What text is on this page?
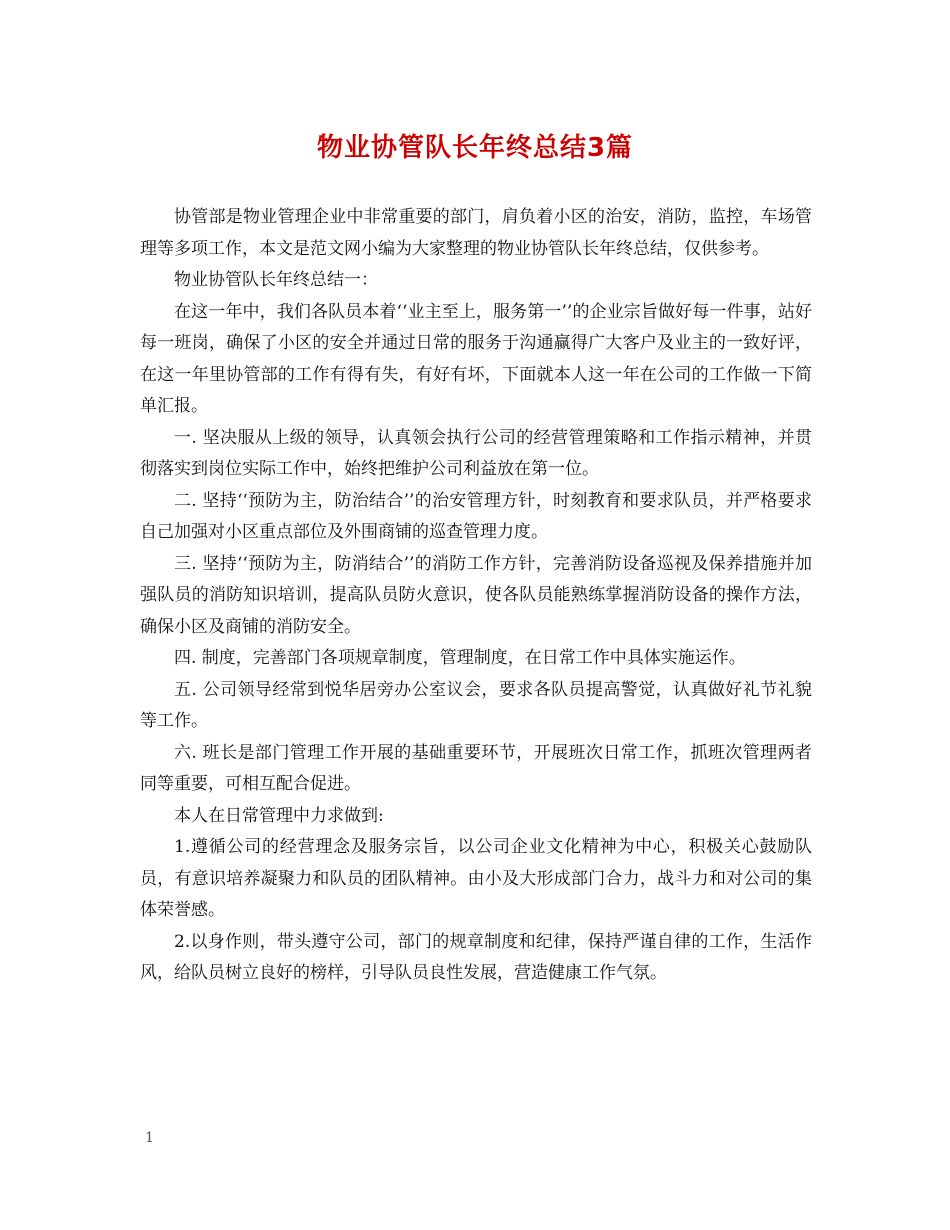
物业协管队长年终总结3篇

协管部是物业管理企业中非常重要的部门，肩负着小区的治安，消防，监控，车场管理等多项工作，本文是范文网小编为大家整理的物业协管队长年终总结，仅供参考。

物业协管队长年终总结一：

在这一年中，我们各队员本着‘‘业主至上，服务第一’’的企业宗旨做好每一件事，站好每一班岗，确保了小区的安全并通过日常的服务于沟通赢得广大客户及业主的一致好评，在这一年里协管部的工作有得有失，有好有坏，下面就本人这一年在公司的工作做一下简单汇报。

一. 坚决服从上级的领导，认真领会执行公司的经营管理策略和工作指示精神，并贯彻落实到岗位实际工作中，始终把维护公司利益放在第一位。

二. 坚持‘‘预防为主，防治结合’’的治安管理方针，时刻教育和要求队员，并严格要求自己加强对小区重点部位及外围商铺的巡查管理力度。

三. 坚持‘‘预防为主，防消结合’’的消防工作方针，完善消防设备巡视及保养措施并加强队员的消防知识培训，提高队员防火意识，使各队员能熟练掌握消防设备的操作方法，确保小区及商铺的消防安全。

四. 制度，完善部门各项规章制度，管理制度，在日常工作中具体实施运作。

五. 公司领导经常到悦华居旁办公室议会，要求各队员提高警觉，认真做好礼节礼貌等工作。

六. 班长是部门管理工作开展的基础重要环节，开展班次日常工作，抓班次管理两者同等重要，可相互配合促进。

本人在日常管理中力求做到:

1.遵循公司的经营理念及服务宗旨，以公司企业文化精神为中心，积极关心鼓励队员，有意识培养凝聚力和队员的团队精神。由小及大形成部门合力，战斗力和对公司的集体荣誉感。

2.以身作则，带头遵守公司，部门的规章制度和纪律，保持严谨自律的工作，生活作风，给队员树立良好的榜样，引导队员良性发展，营造健康工作气氛。

1
